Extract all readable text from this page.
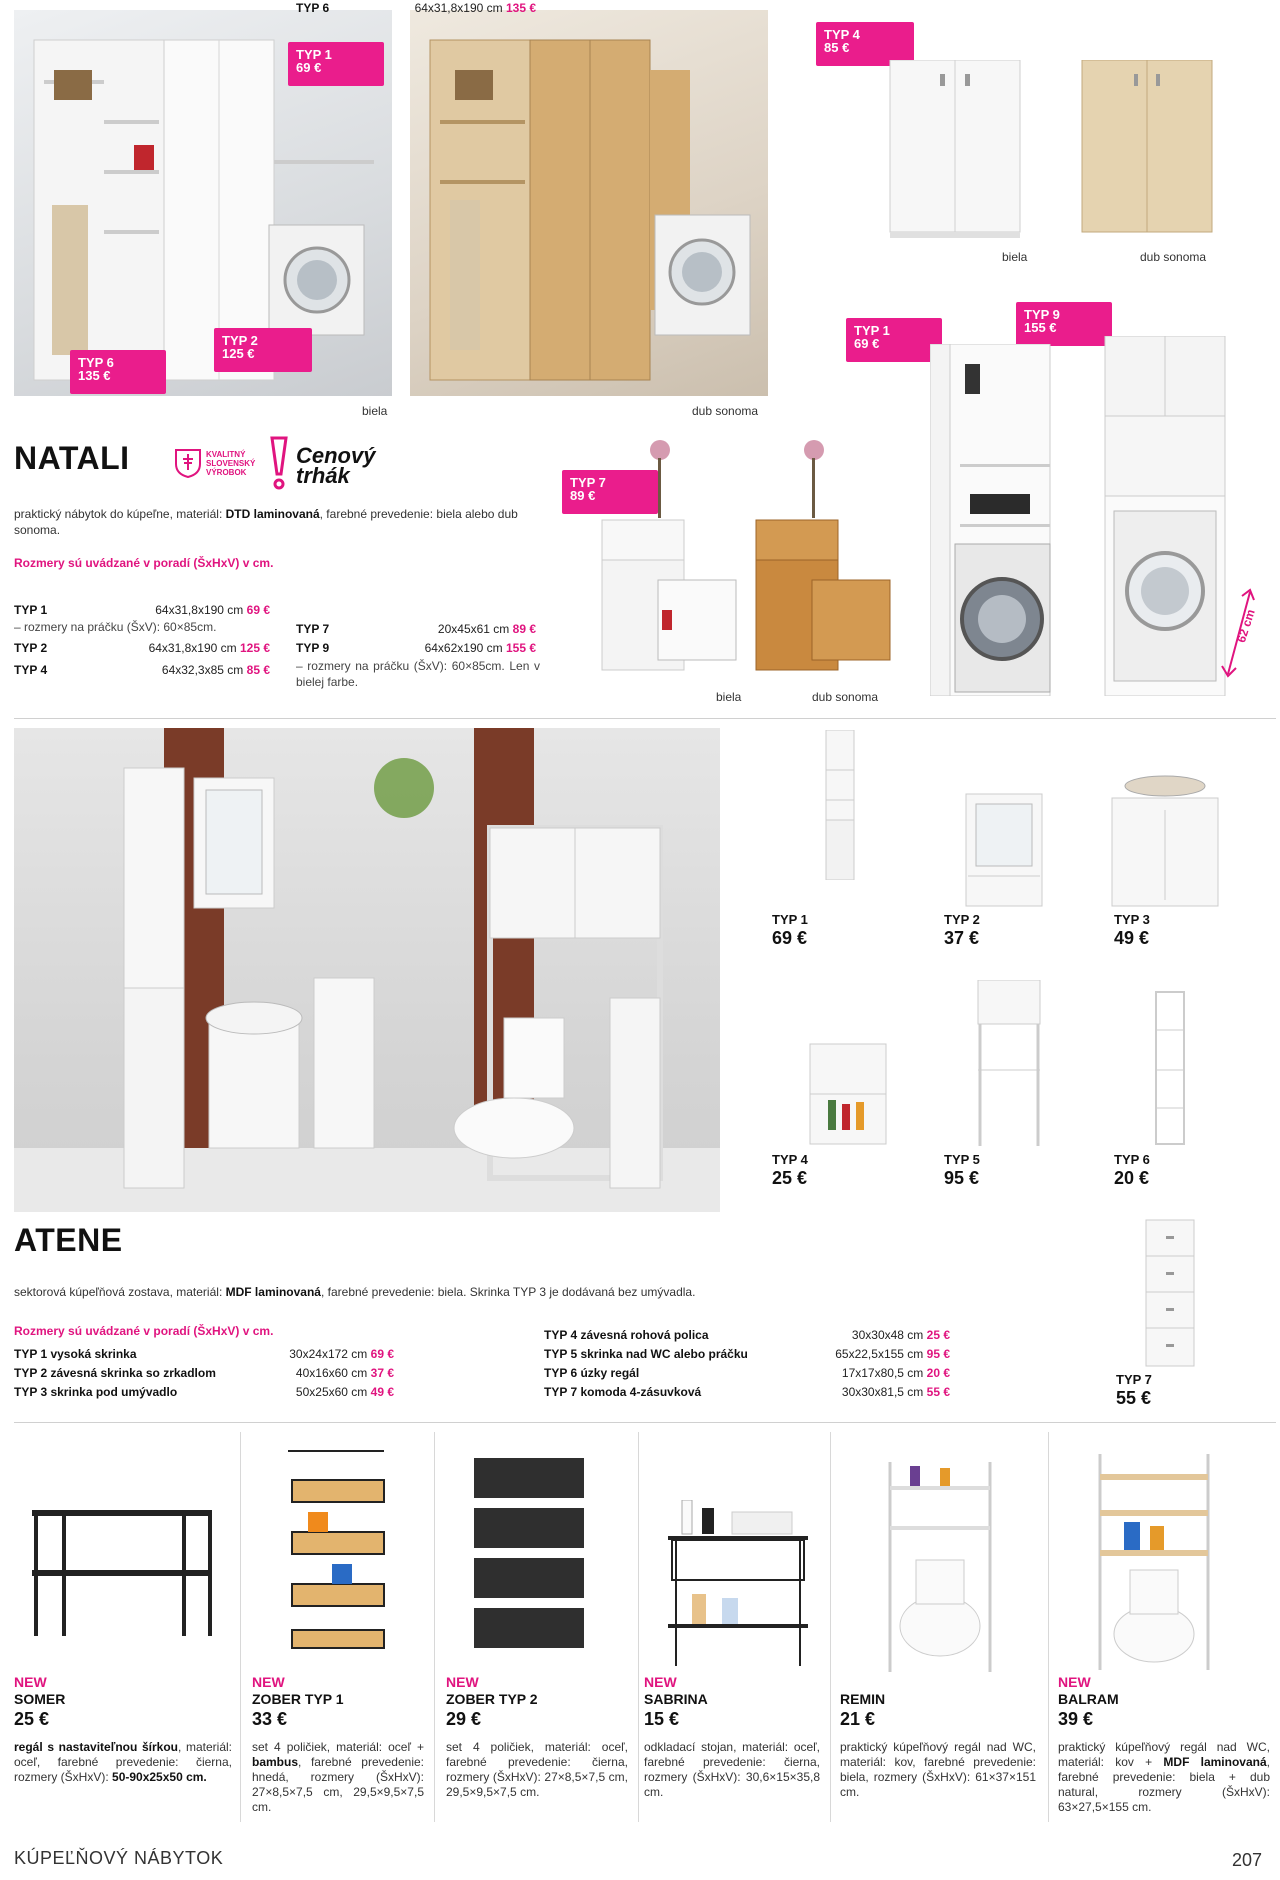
TYP 1
69 €
TYP 2
125 €
TYP 6
135 €
biela	dub sonoma
TYP 4
85 €
biela	dub sonoma
TYP 1
69 €
TYP 9
155 €
62 cm
TYP 7
89 €
biela	dub sonoma
NATALI	KVALITNÝ
SLOVENSKÝ
VÝROBOK
Cenový
trhák
praktický nábytok do kúpeľne, materiál: DTD laminovaná, farebné prevedenie: biela alebo dub sonoma.
Rozmery sú uvádzané v poradí (ŠxHxV) v cm.
TYP 1	64x31,8x190 cm 69 €
– rozmery na práčku (ŠxV): 60×85cm.
TYP 2	64x31,8x190 cm 125 €
TYP 4	64x32,3x85 cm 85 €
TYP 6	64x31,8x190 cm 135 €
TYP 7	20x45x61 cm 89 €
TYP 9	64x62x190 cm 155 €
– rozmery na práčku (ŠxV): 60×85cm. Len v bielej farbe.
TYP 1
69 €
TYP 2
37 €
TYP 3
49 €
TYP 4
25 €
TYP 5
95 €
TYP 6
20 €
TYP 7
55 €
ATENE
sektorová kúpeľňová zostava, materiál: MDF laminovaná, farebné prevedenie: biela. Skrinka TYP 3 je dodávaná bez umývadla.
Rozmery sú uvádzané v poradí (ŠxHxV) v cm.
TYP 1 vysoká skrinka	30x24x172 cm 69 €
TYP 2 závesná skrinka so zrkadlom	40x16x60 cm 37 €
TYP 3 skrinka pod umývadlo	50x25x60 cm 49 €
TYP 4 závesná rohová polica	30x30x48 cm 25 €
TYP 5 skrinka nad WC alebo práčku	65x22,5x155 cm 95 €
TYP 6 úzky regál	17x17x80,5 cm 20 €
TYP 7 komoda 4-zásuvková	30x30x81,5 cm 55 €
NEW
SOMER
25 €
regál s nastaviteľnou šírkou, materiál: oceľ, farebné prevedenie: čierna, rozmery (ŠxHxV): 50-90x25x50 cm.
NEW
ZOBER TYP 1
33 €
set 4 poličiek, materiál: oceľ + bambus, farebné prevedenie: hnedá, rozmery (ŠxHxV): 27×8,5×7,5 cm, 29,5×9,5×7,5 cm.
NEW
ZOBER TYP 2
29 €
set 4 poličiek, materiál: oceľ, farebné prevedenie: čierna, rozmery (ŠxHxV): 27×8,5×7,5 cm, 29,5×9,5×7,5 cm.
NEW
SABRINA
15 €
odkladací stojan, materiál: oceľ, farebné prevedenie: čierna, rozmery (ŠxHxV): 30,6×15×35,8 cm.
REMIN
21 €
praktický kúpeľňový regál nad WC, materiál: kov, farebné prevedenie: biela, rozmery (ŠxHxV): 61×37×151 cm.
NEW
BALRAM
39 €
praktický kúpeľňový regál nad WC, materiál: kov + MDF laminovaná, farebné prevedenie: biela + dub natural, rozmery (ŠxHxV): 63×27,5×155 cm.
KÚPEĽŇOVÝ NÁBYTOK	207
